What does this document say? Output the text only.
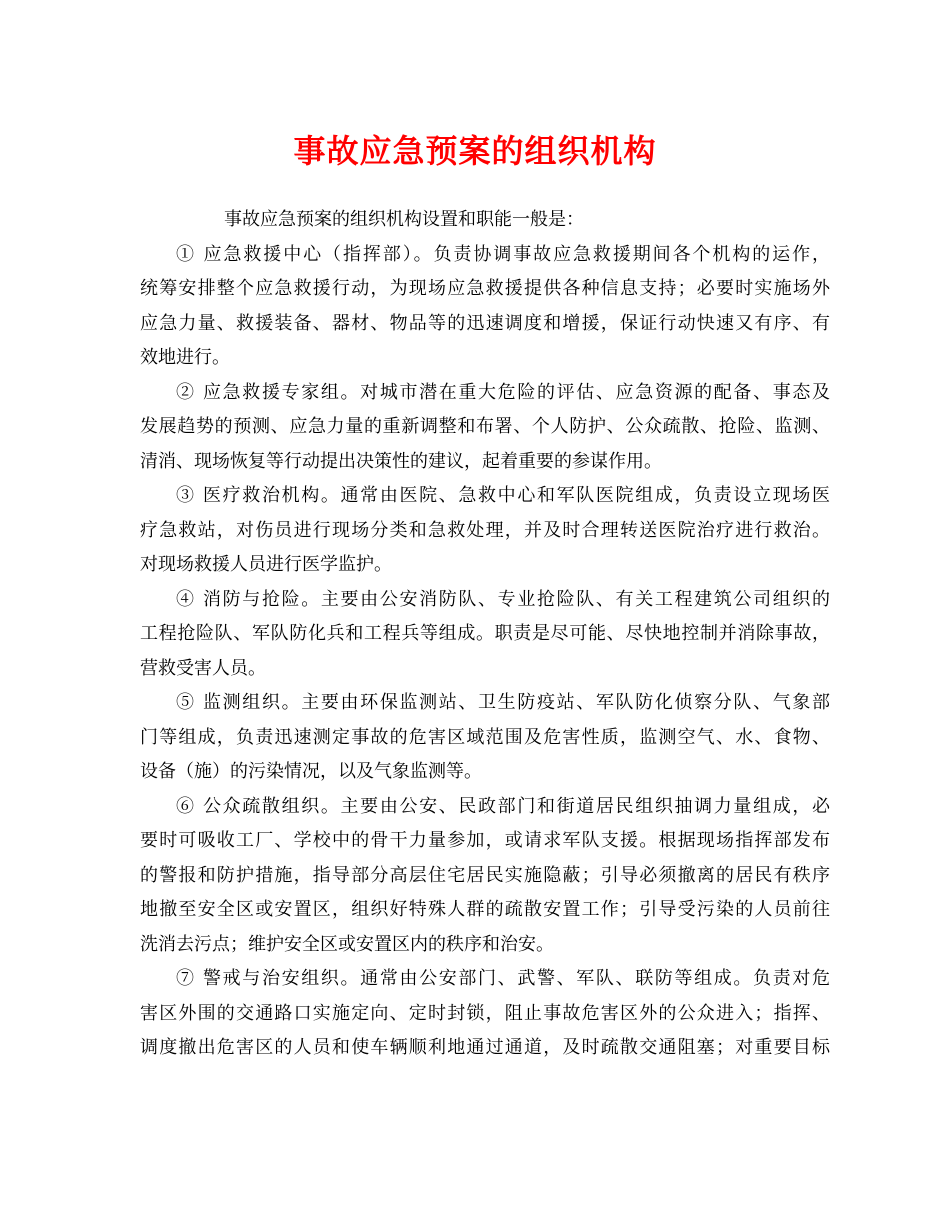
事故应急预案的组织机构
事故应急预案的组织机构设置和职能一般是：
① 应急救援中心（指挥部）。负责协调事故应急救援期间各个机构的运作，
统筹安排整个应急救援行动，为现场应急救援提供各种信息支持；必要时实施场外
应急力量、救援装备、器材、物品等的迅速调度和增援，保证行动快速又有序、有
效地进行。
② 应急救援专家组。对城市潜在重大危险的评估、应急资源的配备、事态及
发展趋势的预测、应急力量的重新调整和布署、个人防护、公众疏散、抢险、监测、
清消、现场恢复等行动提出决策性的建议，起着重要的参谋作用。
③ 医疗救治机构。通常由医院、急救中心和军队医院组成，负责设立现场医
疗急救站，对伤员进行现场分类和急救处理，并及时合理转送医院治疗进行救治。
对现场救援人员进行医学监护。
④ 消防与抢险。主要由公安消防队、专业抢险队、有关工程建筑公司组织的
工程抢险队、军队防化兵和工程兵等组成。职责是尽可能、尽快地控制并消除事故，
营救受害人员。
⑤ 监测组织。主要由环保监测站、卫生防疫站、军队防化侦察分队、气象部
门等组成，负责迅速测定事故的危害区域范围及危害性质，监测空气、水、食物、
设备（施）的污染情况，以及气象监测等。
⑥ 公众疏散组织。主要由公安、民政部门和街道居民组织抽调力量组成，必
要时可吸收工厂、学校中的骨干力量参加，或请求军队支援。根据现场指挥部发布
的警报和防护措施，指导部分高层住宅居民实施隐蔽；引导必须撤离的居民有秩序
地撤至安全区或安置区，组织好特殊人群的疏散安置工作；引导受污染的人员前往
洗消去污点；维护安全区或安置区内的秩序和治安。
⑦ 警戒与治安组织。通常由公安部门、武警、军队、联防等组成。负责对危
害区外围的交通路口实施定向、定时封锁，阻止事故危害区外的公众进入；指挥、
调度撤出危害区的人员和使车辆顺利地通过通道，及时疏散交通阻塞；对重要目标
